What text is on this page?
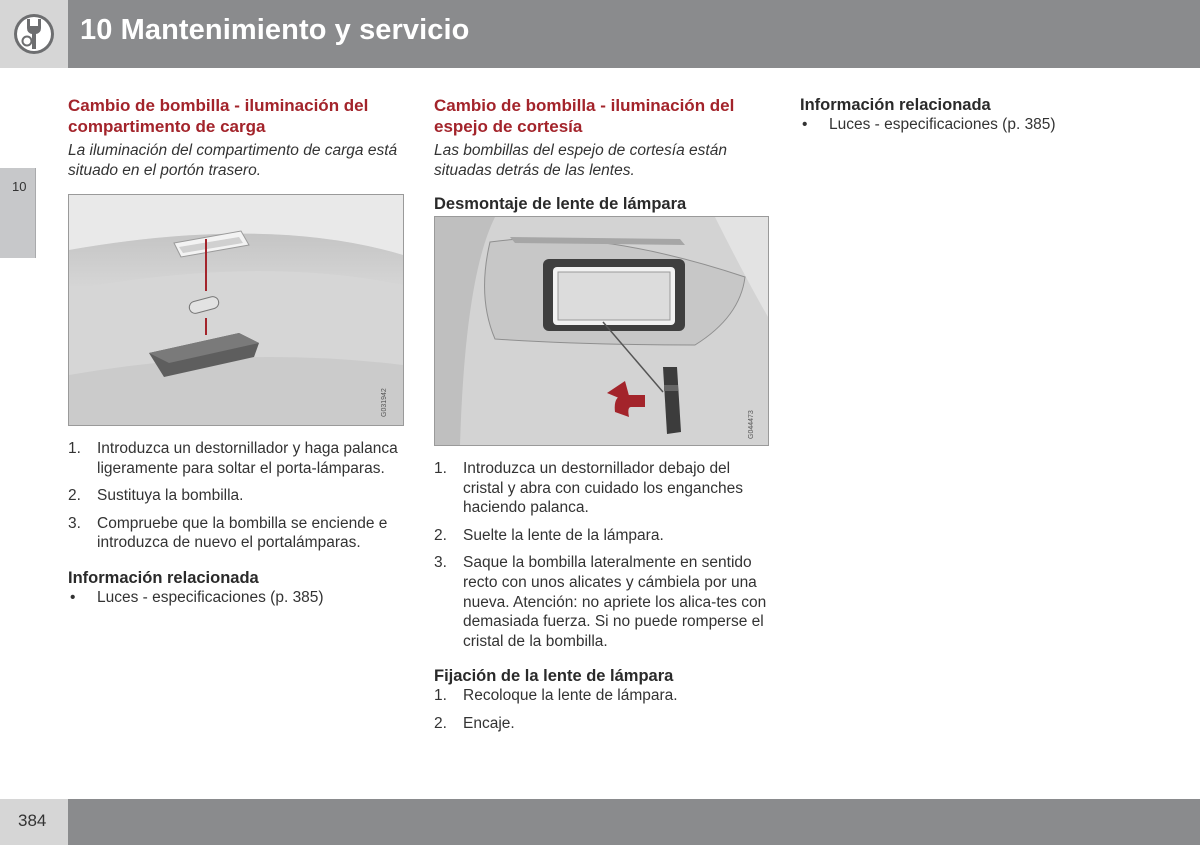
10 Mantenimiento y servicio
10
Cambio de bombilla - iluminación del compartimento de carga

La iluminación del compartimento de carga está situado en el portón trasero.

G031942
1. Introduzca un destornillador y haga palanca ligeramente para soltar el porta-lámparas.
2. Sustituya la bombilla.
3. Compruebe que la bombilla se enciende e introduzca de nuevo el portalámparas.
Información relacionada
• Luces - especificaciones (p. 385)
Cambio de bombilla - iluminación del espejo de cortesía

Las bombillas del espejo de cortesía están situadas detrás de las lentes.

Desmontaje de lente de lámpara
G044473
1. Introduzca un destornillador debajo del cristal y abra con cuidado los enganches haciendo palanca.
2. Suelte la lente de la lámpara.
3. Saque la bombilla lateralmente en sentido recto con unos alicates y cámbiela por una nueva. Atención: no apriete los alica-tes con demasiada fuerza. Si no puede romperse el cristal de la bombilla.
Fijación de la lente de lámpara
1. Recoloque la lente de lámpara.
2. Encaje.
Información relacionada
• Luces - especificaciones (p. 385)
384
